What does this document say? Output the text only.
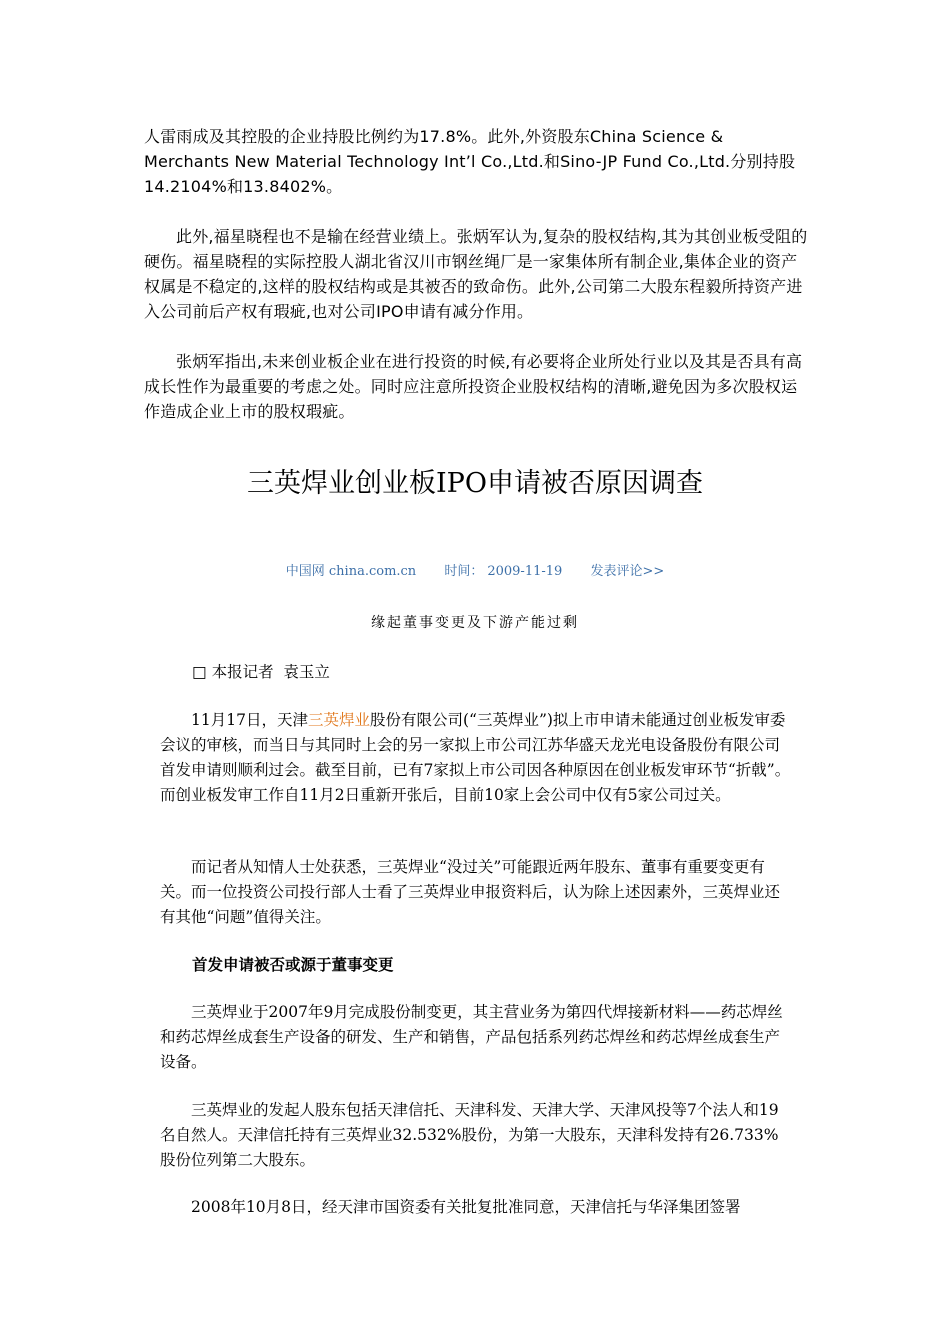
人雷雨成及其控股的企业持股比例约为17.8%。此外,外资股东China Science & Merchants New Material Technology Int’l Co.,Ltd.和Sino-JP Fund Co.,Ltd.分别持股14.2104%和13.8402%。

此外,福星晓程也不是输在经营业绩上。张炳军认为,复杂的股权结构,其为其创业板受阻的硬伤。福星晓程的实际控股人湖北省汉川市钢丝绳厂是一家集体所有制企业,集体企业的资产权属是不稳定的,这样的股权结构或是其被否的致命伤。此外,公司第二大股东程毅所持资产进入公司前后产权有瑕疵,也对公司IPO申请有减分作用。

张炳军指出,未来创业板企业在进行投资的时候,有必要将企业所处行业以及其是否具有高成长性作为最重要的考虑之处。同时应注意所投资企业股权结构的清晰,避免因为多次股权运作造成企业上市的股权瑕疵。

三英焊业创业板IPO申请被否原因调查
中国网 china.com.cn 时间： 2009-11-19 发表评论>>
缘起董事变更及下游产能过剩

□ 本报记者  袁玉立

11月17日，天津三英焊业股份有限公司(“三英焊业”)拟上市申请未能通过创业板发审委会议的审核，而当日与其同时上会的另一家拟上市公司江苏华盛天龙光电设备股份有限公司首发申请则顺利过会。截至目前，已有7家拟上市公司因各种原因在创业板发审环节“折戟”。而创业板发审工作自11月2日重新开张后，目前10家上会公司中仅有5家公司过关。

而记者从知情人士处获悉，三英焊业“没过关”可能跟近两年股东、董事有重要变更有关。而一位投资公司投行部人士看了三英焊业申报资料后，认为除上述因素外，三英焊业还有其他“问题”值得关注。

首发申请被否或源于董事变更

三英焊业于2007年9月完成股份制变更，其主营业务为第四代焊接新材料——药芯焊丝和药芯焊丝成套生产设备的研发、生产和销售，产品包括系列药芯焊丝和药芯焊丝成套生产设备。

三英焊业的发起人股东包括天津信托、天津科发、天津大学、天津风投等7个法人和19名自然人。天津信托持有三英焊业32.532%股份，为第一大股东，天津科发持有26.733%股份位列第二大股东。

2008年10月8日，经天津市国资委有关批复批准同意，天津信托与华泽集团签署
